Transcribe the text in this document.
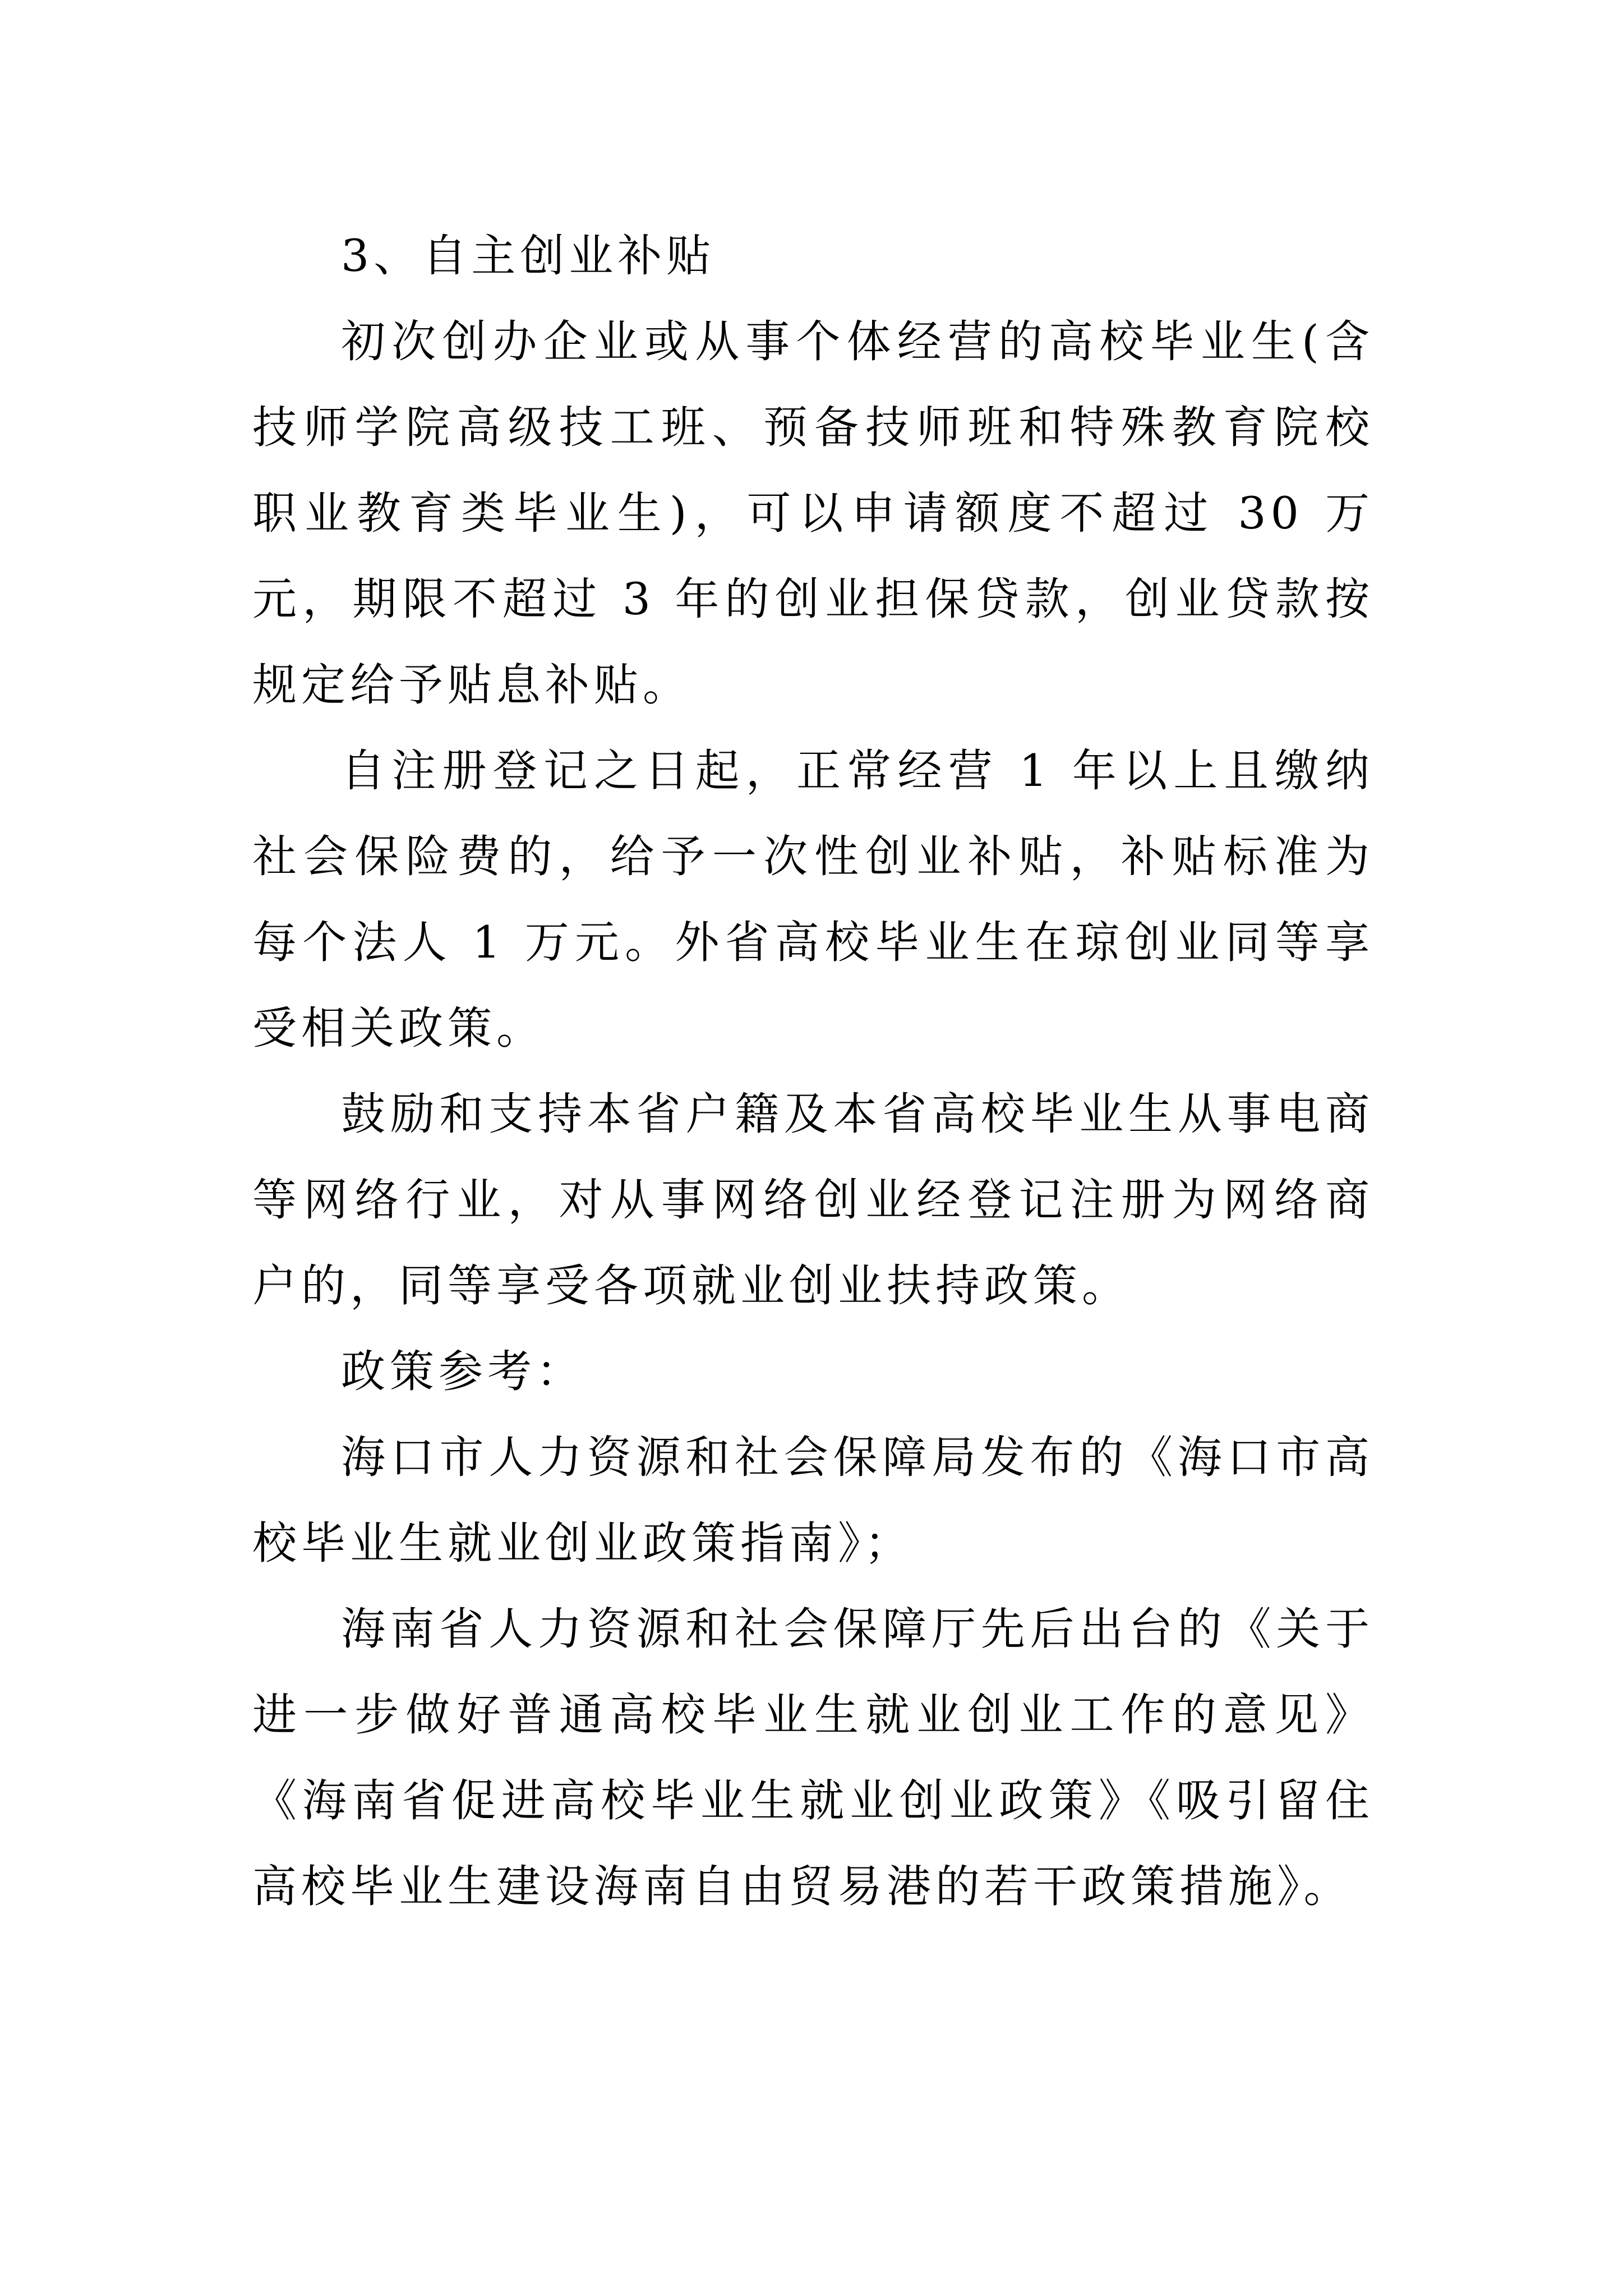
3、自主创业补贴

初次创办企业或从事个体经营的高校毕业生(含技师学院高级技工班、预备技师班和特殊教育院校职业教育类毕业生)，可以申请额度不超过 30 万元，期限不超过 3 年的创业担保贷款，创业贷款按规定给予贴息补贴。

自注册登记之日起，正常经营 1 年以上且缴纳社会保险费的，给予一次性创业补贴，补贴标准为每个法人 1 万元。外省高校毕业生在琼创业同等享受相关政策。

鼓励和支持本省户籍及本省高校毕业生从事电商等网络行业，对从事网络创业经登记注册为网络商户的，同等享受各项就业创业扶持政策。

政策参考：

海口市人力资源和社会保障局发布的《海口市高校毕业生就业创业政策指南》；

海南省人力资源和社会保障厅先后出台的《关于进一步做好普通高校毕业生就业创业工作的意见》《海南省促进高校毕业生就业创业政策》《吸引留住高校毕业生建设海南自由贸易港的若干政策措施》。
